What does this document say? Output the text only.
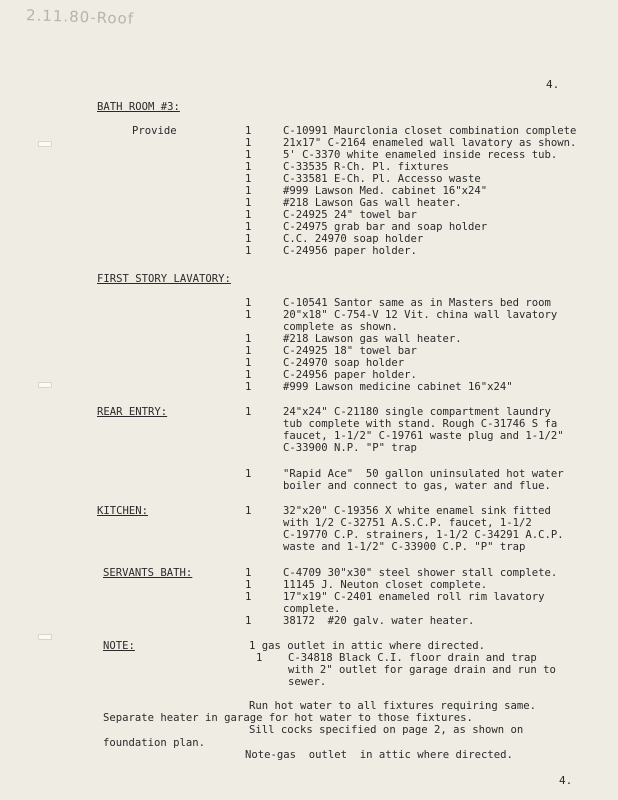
2.11.80-Roof
4.
BATH ROOM #3:
Provide	1	C-10991 Maurclonia closet combination complete
1	21x17" C-2164 enameled wall lavatory as shown.
1	5' C-3370 white enameled inside recess tub.
1	C-33535 R-Ch. Pl. fixtures
1	C-33581 E-Ch. Pl. Accesso waste
1	#999 Lawson Med. cabinet 16"x24"
1	#218 Lawson Gas wall heater.
1	C-24925 24" towel bar
1	C-24975 grab bar and soap holder
1	C.C. 24970 soap holder
1	C-24956 paper holder.
FIRST STORY LAVATORY:
1	C-10541 Santor same as in Masters bed room
1	20"x18" C-754-V 12 Vit. china wall lavatory
complete as shown.
1	#218 Lawson gas wall heater.
1	C-24925 18" towel bar
1	C-24970 soap holder
1	C-24956 paper holder.
1	#999 Lawson medicine cabinet 16"x24"
REAR ENTRY:	1	24"x24" C-21180 single compartment laundry
tub complete with stand. Rough C-31746 S fa
faucet, 1-1/2" C-19761 waste plug and 1-1/2"
C-33900 N.P. "P" trap
1	"Rapid Ace"  50 gallon uninsulated hot water
boiler and connect to gas, water and flue.
KITCHEN:	1	32"x20" C-19356 X white enamel sink fitted
with 1/2 C-32751 A.S.C.P. faucet, 1-1/2
C-19770 C.P. strainers, 1-1/2 C-34291 A.C.P.
waste and 1-1/2" C-33900 C.P. "P" trap
SERVANTS BATH:	1	C-4709 30"x30" steel shower stall complete.
1	11145 J. Neuton closet complete.
1	17"x19" C-2401 enameled roll rim lavatory
complete.
1	38172  #20 galv. water heater.
NOTE:	1 gas outlet in attic where directed.
1 C-34818 Black C.I. floor drain and trap
with 2" outlet for garage drain and run to
sewer.
Run hot water to all fixtures requiring same.
Separate heater in garage for hot water to those fixtures.
Sill cocks specified on page 2, as shown on
foundation plan.
Note-gas  outlet  in attic where directed.
4.
